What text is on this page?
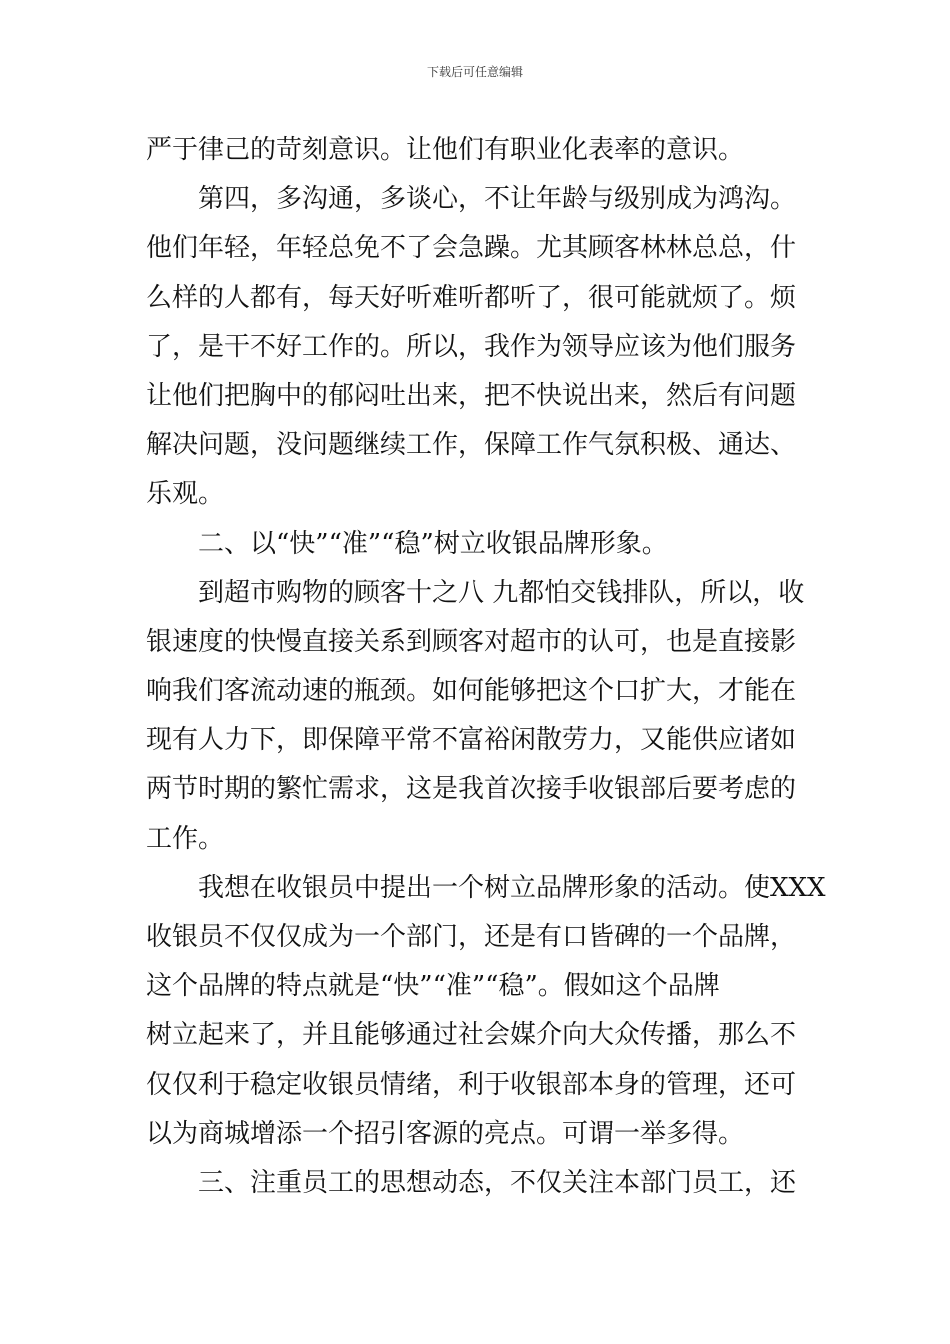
下载后可任意编辑
严于律己的苛刻意识。让他们有职业化表率的意识。
第四，多沟通，多谈心，不让年龄与级别成为鸿沟。
他们年轻，年轻总免不了会急躁。尤其顾客林林总总，什
么样的人都有，每天好听难听都听了，很可能就烦了。烦
了，是干不好工作的。所以，我作为领导应该为他们服务
让他们把胸中的郁闷吐出来，把不快说出来，然后有问题
解决问题，没问题继续工作，保障工作气氛积极、通达、
乐观。
二、以“快”“准”“稳”树立收银品牌形象。
到超市购物的顾客十之八 九都怕交钱排队，所以，收
银速度的快慢直接关系到顾客对超市的认可，也是直接影
响我们客流动速的瓶颈。如何能够把这个口扩大，才能在
现有人力下，即保障平常不富裕闲散劳力，又能供应诸如
两节时期的繁忙需求，这是我首次接手收银部后要考虑的
工作。
我想在收银员中提出一个树立品牌形象的活动。使XXX
收银员不仅仅成为一个部门，还是有口皆碑的一个品牌，
这个品牌的特点就是“快”“准”“稳”。假如这个品牌
树立起来了，并且能够通过社会媒介向大众传播，那么不
仅仅利于稳定收银员情绪，利于收银部本身的管理，还可
以为商城增添一个招引客源的亮点。可谓一举多得。
三、注重员工的思想动态，不仅关注本部门员工，还
